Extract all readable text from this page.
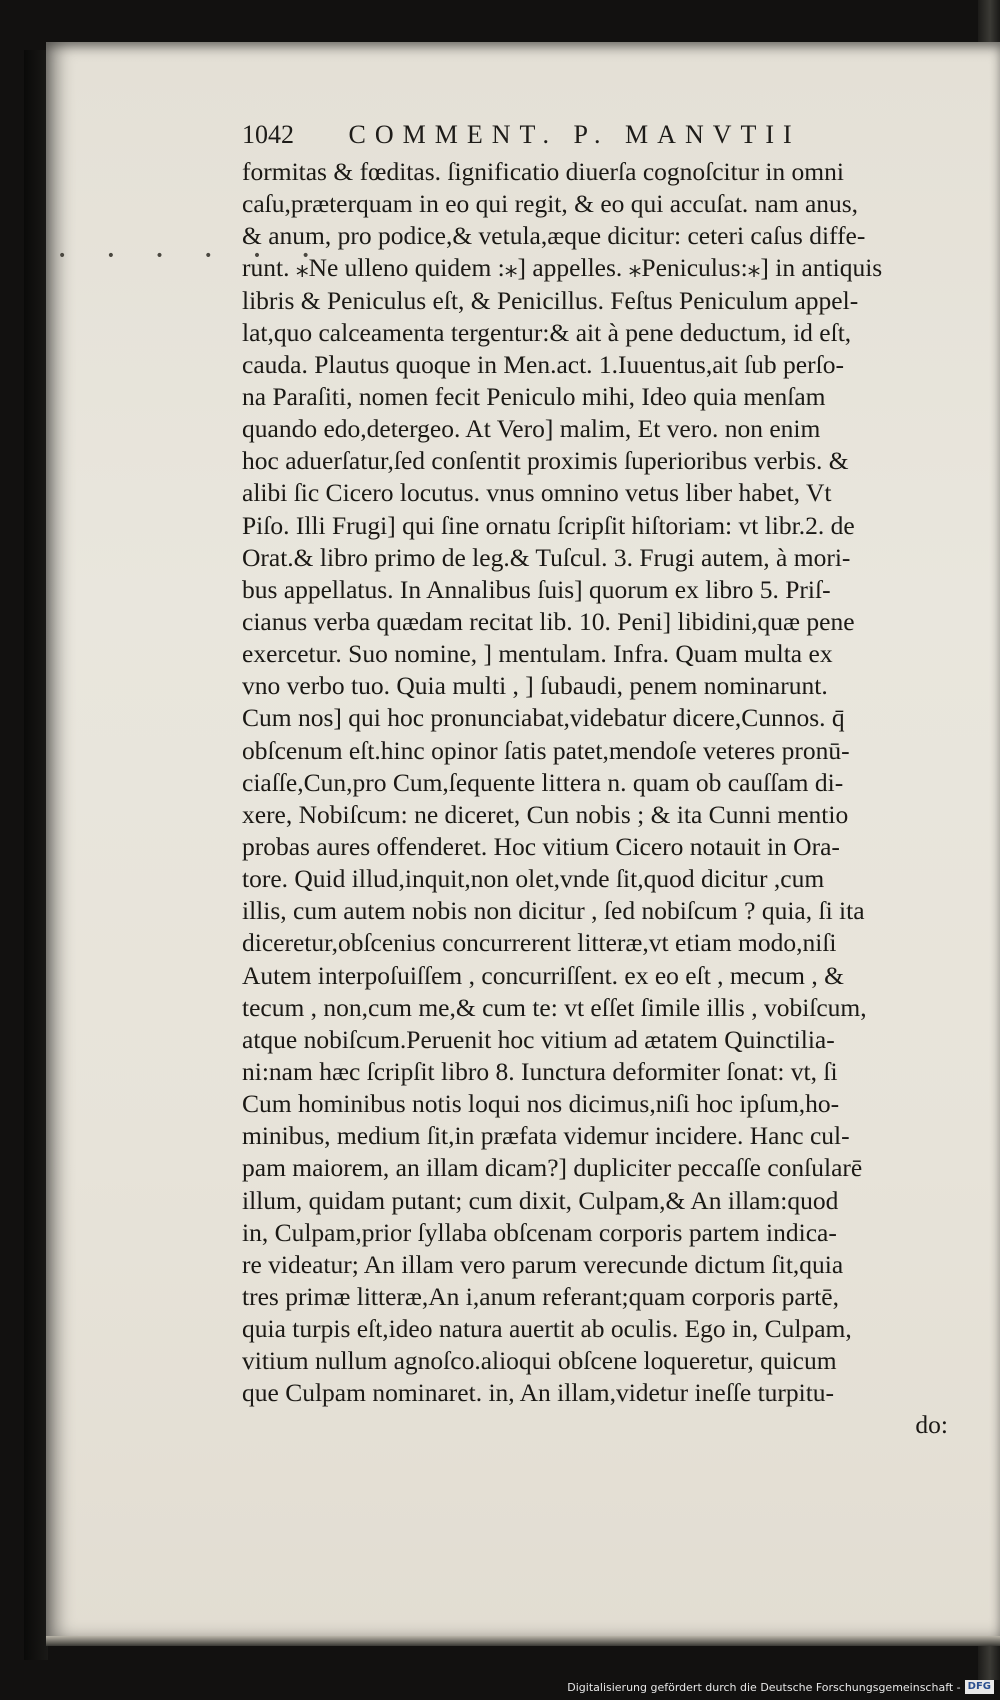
• • • • • •
1042 COMMENT. P. MANVTII
formitas & fœditas. ſignificatio diuerſa cognoſcitur in omni
caſu,præterquam in eo qui regit, & eo qui accuſat. nam anus,
& anum, pro podice,& vetula,æque dicitur: ceteri caſus diffe-
runt. ⁎Ne ulleno quidem :⁎] appelles. ⁎Peniculus:⁎] in antiquis
libris & Peniculus eſt, & Penicillus. Feſtus Peniculum appel-
lat,quo calceamenta tergentur:& ait à pene deductum, id eſt,
cauda. Plautus quoque in Men.act. 1.Iuuentus,ait ſub perſo-
na Paraſiti, nomen fecit Peniculo mihi, Ideo quia menſam
quando edo,detergeo. At Vero] malim, Et vero. non enim
hoc aduerſatur,ſed conſentit proximis ſuperioribus verbis. &
alibi ſic Cicero locutus. vnus omnino vetus liber habet, Vt
Piſo. Illi Frugi] qui ſine ornatu ſcripſit hiſtoriam: vt libr.2. de
Orat.& libro primo de leg.& Tuſcul. 3. Frugi autem, à mori-
bus appellatus. In Annalibus ſuis] quorum ex libro 5. Priſ-
cianus verba quædam recitat lib. 10. Peni] libidini,quæ pene
exercetur. Suo nomine, ] mentulam. Infra. Quam multa ex
vno verbo tuo. Quia multi , ] ſubaudi, penem nominarunt.
Cum nos] qui hoc pronunciabat,videbatur dicere,Cunnos. q̄
obſcenum eſt.hinc opinor ſatis patet,mendoſe veteres pronū-
ciaſſe,Cun,pro Cum,ſequente littera n. quam ob cauſſam di-
xere, Nobiſcum: ne diceret, Cun nobis ; & ita Cunni mentio
probas aures offenderet. Hoc vitium Cicero notauit in Ora-
tore. Quid illud,inquit,non olet,vnde ſit,quod dicitur ,cum
illis, cum autem nobis non dicitur , ſed nobiſcum ? quia, ſi ita
diceretur,obſcenius concurrerent litteræ,vt etiam modo,niſi
Autem interpoſuiſſem , concurriſſent. ex eo eſt , mecum , &
tecum , non,cum me,& cum te: vt eſſet ſimile illis , vobiſcum,
atque nobiſcum.Peruenit hoc vitium ad ætatem Quinctilia-
ni:nam hæc ſcripſit libro 8. Iunctura deformiter ſonat: vt, ſi
Cum hominibus notis loqui nos dicimus,niſi hoc ipſum,ho-
minibus, medium ſit,in præfata videmur incidere. Hanc cul-
pam maiorem, an illam dicam?] dupliciter peccaſſe conſularē
illum, quidam putant; cum dixit, Culpam,& An illam:quod
in, Culpam,prior ſyllaba obſcenam corporis partem indica-
re videatur; An illam vero parum verecunde dictum ſit,quia
tres primæ litteræ,An i,anum referant;quam corporis partē,
quia turpis eſt,ideo natura auertit ab oculis. Ego in, Culpam,
vitium nullum agnoſco.alioqui obſcene loqueretur, quicum
que Culpam nominaret. in, An illam,videtur ineſſe turpitu-
do:
Digitalisierung gefördert durch die Deutsche Forschungsgemeinschaft - DFG
